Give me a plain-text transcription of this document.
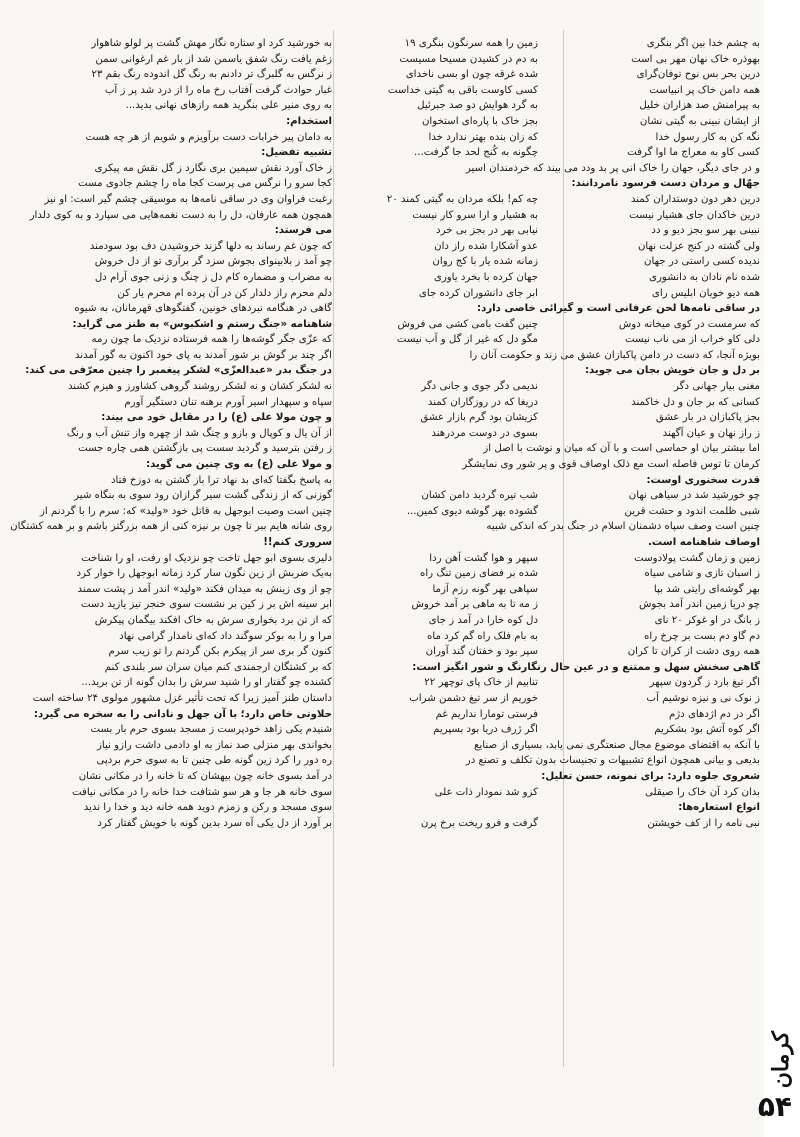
به چشم خدا بین اگر بنگری
بهوذره خاک نهان مهر بی است
درین بحر بس نوح توفان‌گرای
همه دامن خاک پر انبیاست
به پیرامنش صد هزاران خلیل
از ایشان نبینی به گیتی نشان
نگه کن به کار رسول خدا
کسی کاو به معراج ما اوا گرفت
و در جای دیگر، جهان را خاک انی پر بد ودد می بیند که خردمندان اسیر
جهّال و مردان دست فرسود نامردانند:
درین دهر دون دوستداران کمند
درین خاکدان جای هشیار نیست
نبینی بهر سو بجز دیو و دد
ولی گشته در کنج عزلت نهان
ندیده کسی راستی در جهان
شده نام نادان به دانشوری
همه دیو خویان ابلیس رای
در ساقی نامه‌ها لحن عرفانی است و گیرائی خاصی دارد:
که سرمست در کوی میخانه دوش
دلی کاو خراب از می ناب نیست
بویژه آنجا، که دست در دامن پاکبازان عشق می زند و حکومت آنان را
بر دل و جان خویش بجان می جوید:
مغنی بیار جهانی دگر
کسانی که بر جان و دل خاکمند
بجز پاکبازان در بار عشق
ز راز نهان و عیان آگهند
اما بیشتر بیان او حماسی است و با آن که میان و نوشت با اصل از
کرمان تا توس فاصله است مع ذلک اوصاف قوی و پر شور وی نمایشگر
قدرت سخنوری اوست:
چو خورشید شد در سیاهی نهان
شبی ظلمت اندود و حشت قرین
چنین است وصف سپاه دشمنان اسلام در جنگ بدر که اندکی شبیه
اوصاف شاهنامه است.
زمین و زمان گشت پولادوست
ز اسبان تازی و شامی سیاه
بهر گوشه‌ای رایتی شد بپا
چو دریا زمین اندر آمد بجوش
ز بانگ در او غوکر ۲۰ نای
دم گاو دم بست بر چرخ راه
همه روی دشت از کران تا کران
گاهی سخنش سهل و ممتنع و در عین حال رنگارنگ و شور انگیز است:
اگر تیغ بارد ز گردون سپهر
ز نوک نی و نیزه نوشیم آب
اگر در دم اژدهای دژم
اگر کوه آتش بود بشکریم
با آنکه به اقتضای موضوع مجال صنعتگری نمی یابد، بسیاری از صنایع
بدیعی و بیانی همچون انواع تشبیهات و تجنیسات بدون تکلف و تصنع در
شعروی جلوه دارد: برای نمونه، حسن تعلیل:
بدان کرد آن خاک را صیقلی
انواع استعاره‌ها:
نبی نامه را از کف خویشتن
زمین را همه سرنگون بنگری ۱۹
به دم در کشیدن مسیحا مسیست
شده غرقه چون او بسی ناخدای
کسی کاوست باقی به گیتی خداست
به گرد هوایش دو صد جبرئیل
بجز خاک با پاره‌ای استخوان
که زان بنده بهتر ندارد خدا
چگونه به کُنج لحد جا گرفت...

چه کم! بلکه مردان به گیتی کمند ۲۰
به هشیار و ارا سرو کار نیست
نیابی بهر در بجز بی خرد
عدو آشکارا شده راز دان
زمانه شده یار با کج روان
جهان کرده با بخرد یاوری
ابر جای دانشوران کرده جای

چنین گفت بامی کشی می فروش
مگو دل که غیر از گل و آب نیست

ندیمی دگر جوی و جانی دگر
دریغا که در روزگاران کمند
کزیشان بود گرم بازار عشق
بسوی در دوست مردرهند

شب تیره گردید دامن کشان
گشوده بهر گوشه دیوی کمین...

سپهر و هوا گشت آهن ردا
شده بر فضای زمین تنگ راه
سپاهی بهر گونه رزم آزما
ز مه تا به ماهی بر آمد خروش
دل کوه خارا در آمد ز جای
به بام فلک راه گم کرد ماه
سپر بود و خفتان گند آوران

تنابیم از خاک پای توچهر ۲۲
خوریم از سر تیغ دشمن شراب
فرستی تومارا نداریم غم
اگر ژرف دریا بود بسپریم

کزو شد نمودار ذات علی

گرفت و فرو ریخت برخ پرن
به خورشید کرد او ستاره نگار مهش گشت پر لولو شاهوار
زغم یافت رنگ شفق یاسمن شد از بار غم ارغوانی سمن
ز نرگس به گلبرگ تر دادنم به رنگ گل اندوده رنگ بقم ۲۳
غبار حوادث گرفت آفتاب رخ ماه را از درد شد پر ز آب
به روی منیر علی بنگرید همه رازهای نهانی بدید...
استخدام:
به دامان پیر خرابات دست برآویزم و شویم از هر چه هست
تشبیه تفضیل:
ز خاک آورد نقش سیمین بری نگارد ز گل نقش مه پیکری
کجا سرو را نرگس می پرست کجا ماه را چشم جادوی مست
رغبت فراوان وی در ساقی نامه‌ها به موسیقی چشم گیر است: او نیز
همچون همه عارفان، دل را به دست نغمه‌هایی می سپارد و به کوی دلدار
می فرستد:
که چون غم رساند به دلها گزند خروشیدن دف بود سودمند
چو آمد ز بلابینوای بجوش سزد گر برآری تو از دل خروش
به مضراب و مضماره کام دل ز چنگ و زنی جوی آرام دل
دلم محرم راز دلدار کن در آن پرده ام محرم یار کن
گاهی در هنگامه نبردهای خونین، گفتگوهای قهرمانان، به شیوه
شاهنامه «جنگ رستم و اشکبوس» به طنز می گراید:
که عزّی جگر گوشه‌ها را همه فرستاده نزدیک ما چون رمه
اگر چند بر گوش بر شور آمدند به پای خود اکنون به گور آمدند
در جنگ بدر «عبدالعزّی» لشکر پیغمبر را چنین معرّفی می کند:
نه لشکر کشان و نه لشکر روشند گروهی کشاورز و هیزم کشند
سپاه و سپهدار اسیر آورم برهنه تنان دستگیر آورم
و چون مولا علی (ع) را در مقابل خود می بیند:
از آن یال و کوپال و بازو و چنگ شد از چهره واز تنش آب و رنگ
ز رفتن بترسید و گردید سست پی بازگشتن همی چاره جست
و مولا علی (ع) به وی چنین می گوید:
به پاسخ بگفتا که‌ای بد نهاد ترا باز گشتن به دوزخ فتاد
گوزنی که از زندگی گشت سیر گرازان رود سوی به بنگاه شیر
چنین است وصیت ابوجهل به قاتل خود «ولید» که: سرم را با گردنم از
روی شانه هایم ببر تا چون بر نیزه کنی از همه بزرگتر باشم و بر همه کشتگان
سروری کنم!!
دلیری بسوی ابو جهل تاخت چو نزدیک او رفت، او را شناخت
به‌یک ضربش از زین نگون سار کرد زمانه ابوجهل را خوار کرد
چو از وی زینش به میدان فکند «ولید» اندر آمد ز پشت سمند
ابر سینه اش بر ز کین بر نشست سوی خنجر تیز یازید دست
که از تن برد بخواری سرش به خاک افکند بیگمان پیکرش
مرا و را به بوکر سوگند داد که‌ای نامدار گرامی نهاد
کنون گر بری سر از پیکرم بکن گردنم را تو زیب سرم
که بر کشتگان ارجمندی کنم میان سران سر بلندی کنم
کشنده چو گفتار او را شنید سرش را بدان گونه از تن برید...
داستان طنز آمیز زیرا که تحت تأثیر غزل مشهور مولوی ۲۴ ساخته است
حلاوتی خاص دارد؛ با آن جهل و نادانی را به سخره می گیرد:
شنیدم یکی زاهد خودپرست ز مسجد بسوی حرم بار بست
بخواندی بهر منزلی صد نماز به او دادمی داشت رازو نیاز
ره دور را کرد زین گونه طی چنین تا به سوی حرم بردپی
در آمد بسوی خانه چون بیهشان که تا خانه را در مکانی نشان
سوی خانه هر جا و هر سو شتافت خدا خانه را در مکانی نیافت
سوی مسجد و رکن و زمزم دوید همه خانه دید و خدا را ندید
بر آورد از دل یکی آه سرد بدین گونه با خویش گفتار کرد
کرمان
۵۴
